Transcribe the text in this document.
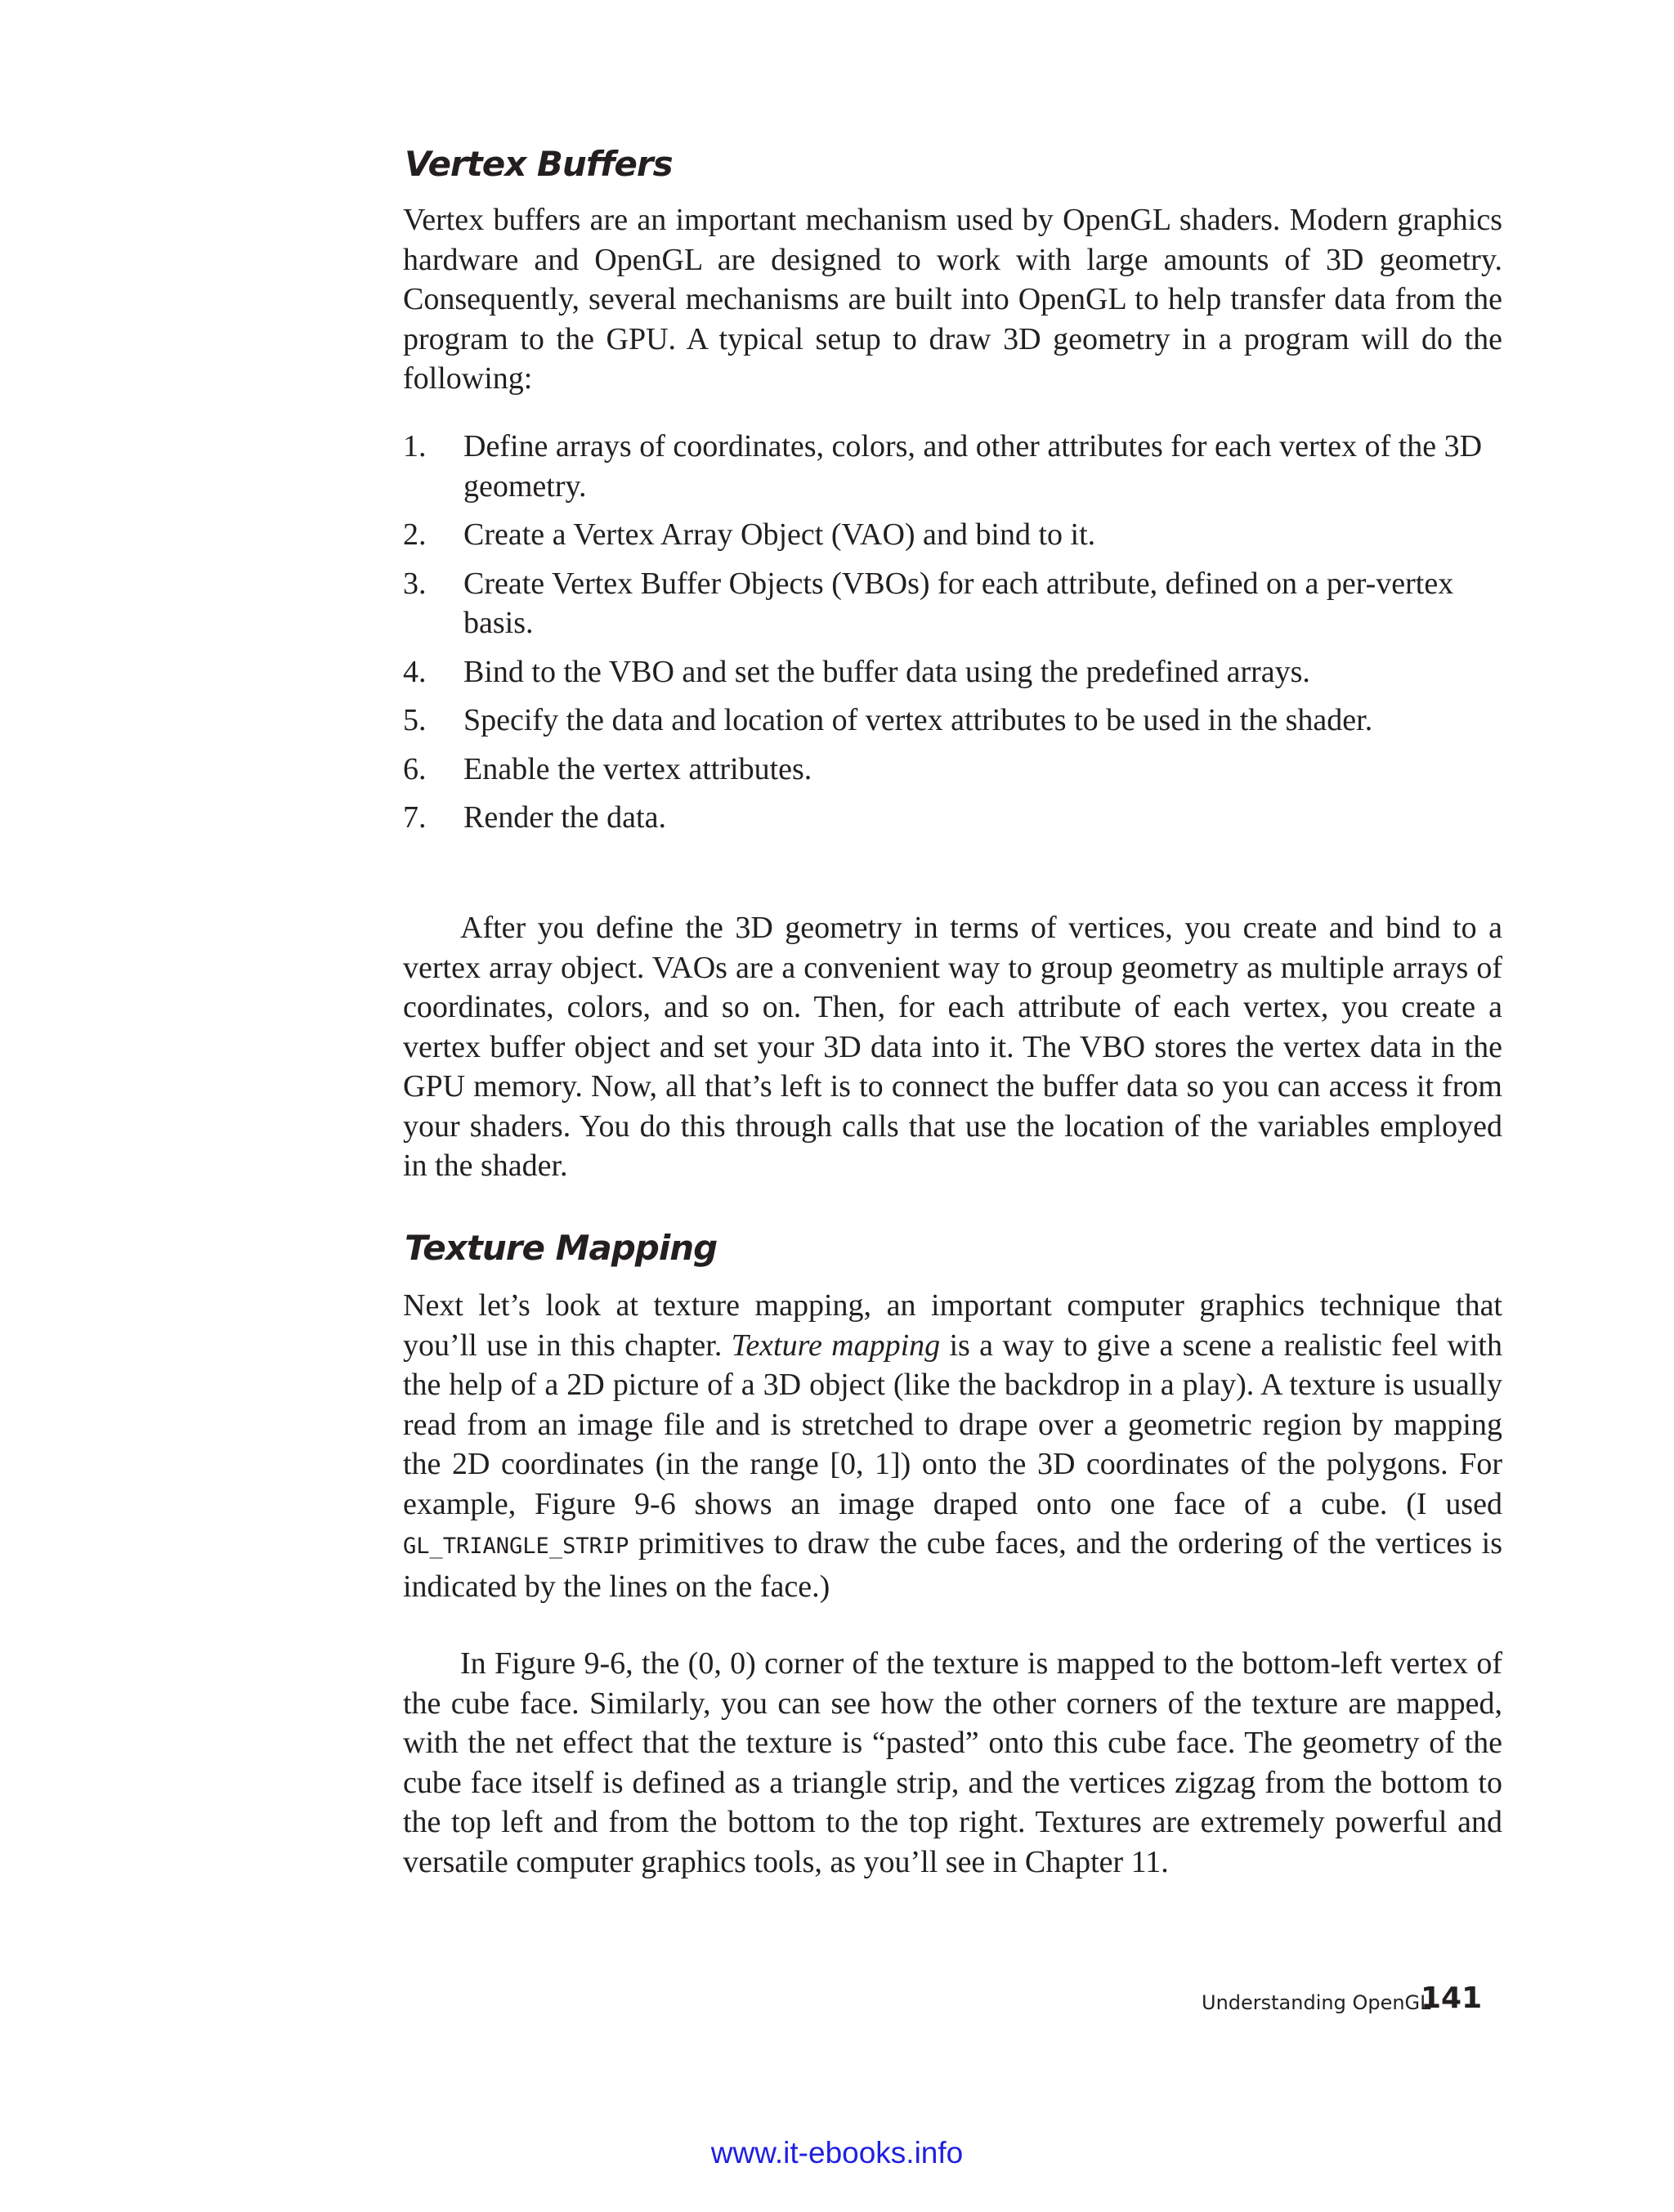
Vertex Buffers

Vertex buffers are an important mechanism used by OpenGL shaders. Modern graphics hardware and OpenGL are designed to work with large amounts of 3D geometry. Consequently, several mechanisms are built into OpenGL to help transfer data from the program to the GPU. A typical setup to draw 3D geometry in a program will do the following:

1. Define arrays of coordinates, colors, and other attributes for each vertex of the 3D geometry.
2. Create a Vertex Array Object (VAO) and bind to it.
3. Create Vertex Buffer Objects (VBOs) for each attribute, defined on a per-vertex basis.
4. Bind to the VBO and set the buffer data using the predefined arrays.
5. Specify the data and location of vertex attributes to be used in the shader.
6. Enable the vertex attributes.
7. Render the data.

After you define the 3D geometry in terms of vertices, you create and bind to a vertex array object. VAOs are a convenient way to group geometry as multiple arrays of coordinates, colors, and so on. Then, for each attribute of each vertex, you create a vertex buffer object and set your 3D data into it. The VBO stores the vertex data in the GPU memory. Now, all that’s left is to connect the buffer data so you can access it from your shaders. You do this through calls that use the location of the variables employed in the shader.

Texture Mapping

Next let’s look at texture mapping, an important computer graphics technique that you’ll use in this chapter. Texture mapping is a way to give a scene a realistic feel with the help of a 2D picture of a 3D object (like the backdrop in a play). A texture is usually read from an image file and is stretched to drape over a geometric region by mapping the 2D coordinates (in the range [0, 1]) onto the 3D coordinates of the polygons. For example, Figure 9-6 shows an image draped onto one face of a cube. (I used GL_TRIANGLE_STRIP primitives to draw the cube faces, and the ordering of the vertices is indicated by the lines on the face.)

In Figure 9-6, the (0, 0) corner of the texture is mapped to the bottom-left vertex of the cube face. Similarly, you can see how the other corners of the texture are mapped, with the net effect that the texture is “pasted” onto this cube face. The geometry of the cube face itself is defined as a triangle strip, and the vertices zigzag from the bottom to the top left and from the bottom to the top right. Textures are extremely powerful and versatile computer graphics tools, as you’ll see in Chapter 11.

Understanding OpenGL
141
www.it-ebooks.info
